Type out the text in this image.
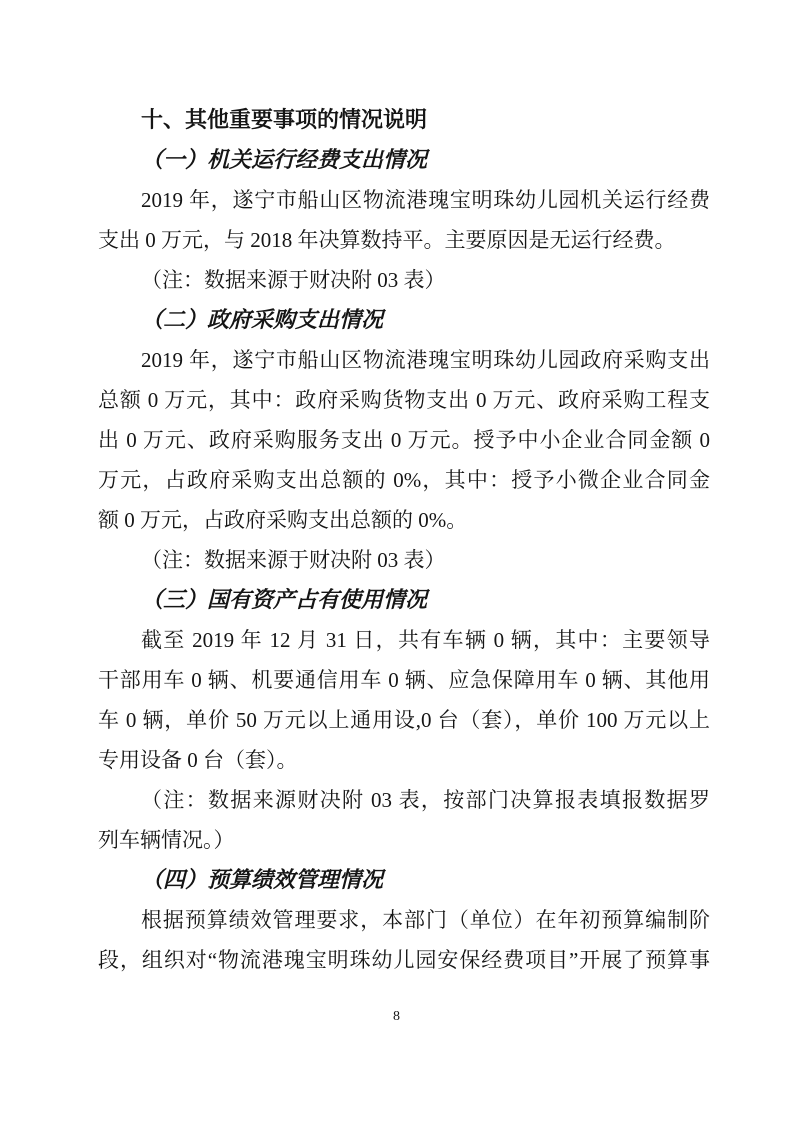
十、其他重要事项的情况说明
（一）机关运行经费支出情况
2019 年，遂宁市船山区物流港瑰宝明珠幼儿园机关运行经费
支出 0 万元，与 2018 年决算数持平。主要原因是无运行经费。
（注：数据来源于财决附 03 表）
（二）政府采购支出情况
2019 年，遂宁市船山区物流港瑰宝明珠幼儿园政府采购支出
总额 0 万元，其中：政府采购货物支出 0 万元、政府采购工程支
出 0 万元、政府采购服务支出 0 万元。授予中小企业合同金额 0
万元，占政府采购支出总额的 0%，其中：授予小微企业合同金
额 0 万元，占政府采购支出总额的 0%。
（注：数据来源于财决附 03 表）
（三）国有资产占有使用情况
截至 2019 年 12 月 31 日，共有车辆 0 辆，其中：主要领导
干部用车 0 辆、机要通信用车 0 辆、应急保障用车 0 辆、其他用
车 0 辆，单价 50 万元以上通用设,0 台（套），单价 100 万元以上
专用设备 0 台（套）。
（注：数据来源财决附 03 表，按部门决算报表填报数据罗
列车辆情况。）
（四）预算绩效管理情况
根据预算绩效管理要求，本部门（单位）在年初预算编制阶
段，组织对“物流港瑰宝明珠幼儿园安保经费项目”开展了预算事
8
